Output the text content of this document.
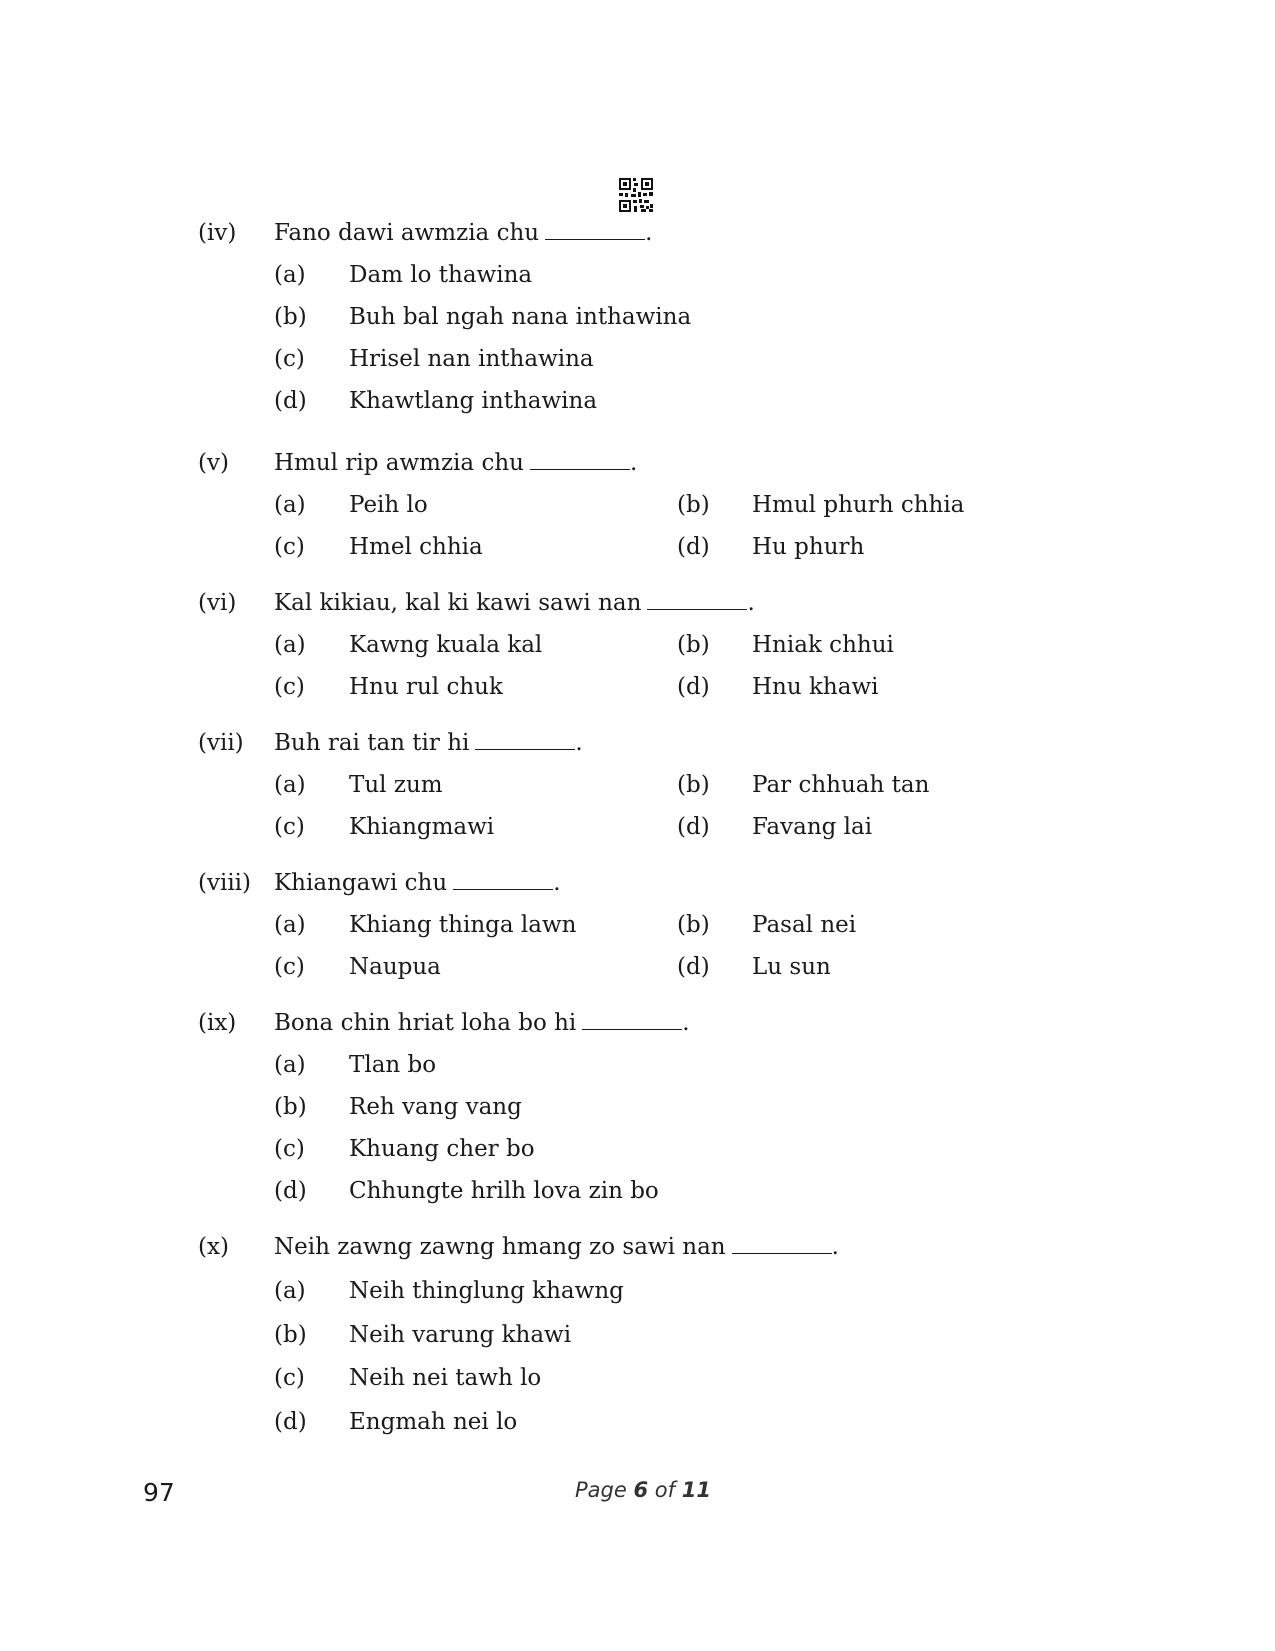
(iv) Fano dawi awmzia chu	.
(a) Dam lo thawina
(b) Buh bal ngah nana inthawina
(c) Hrisel nan inthawina
(d) Khawtlang inthawina
(v) Hmul rip awmzia chu	.
(a) Peih lo	(b) Hmul phurh chhia
(c) Hmel chhia	(d) Hu phurh
(vi) Kal kikiau, kal ki kawi sawi nan	.
(a) Kawng kuala kal	(b) Hniak chhui
(c) Hnu rul chuk	(d) Hnu khawi
(vii) Buh rai tan tir hi	.
(a) Tul zum	(b) Par chhuah tan
(c) Khiangmawi	(d) Favang lai
(viii) Khiangawi chu	.
(a) Khiang thinga lawn	(b) Pasal nei
(c) Naupua	(d) Lu sun
(ix) Bona chin hriat loha bo hi	.
(a) Tlan bo
(b) Reh vang vang
(c) Khuang cher bo
(d) Chhungte hrilh lova zin bo
(x) Neih zawng zawng hmang zo sawi nan	.
(a) Neih thinglung khawng
(b) Neih varung khawi
(c) Neih nei tawh lo
(d) Engmah nei lo
97	Page 6 of 11
